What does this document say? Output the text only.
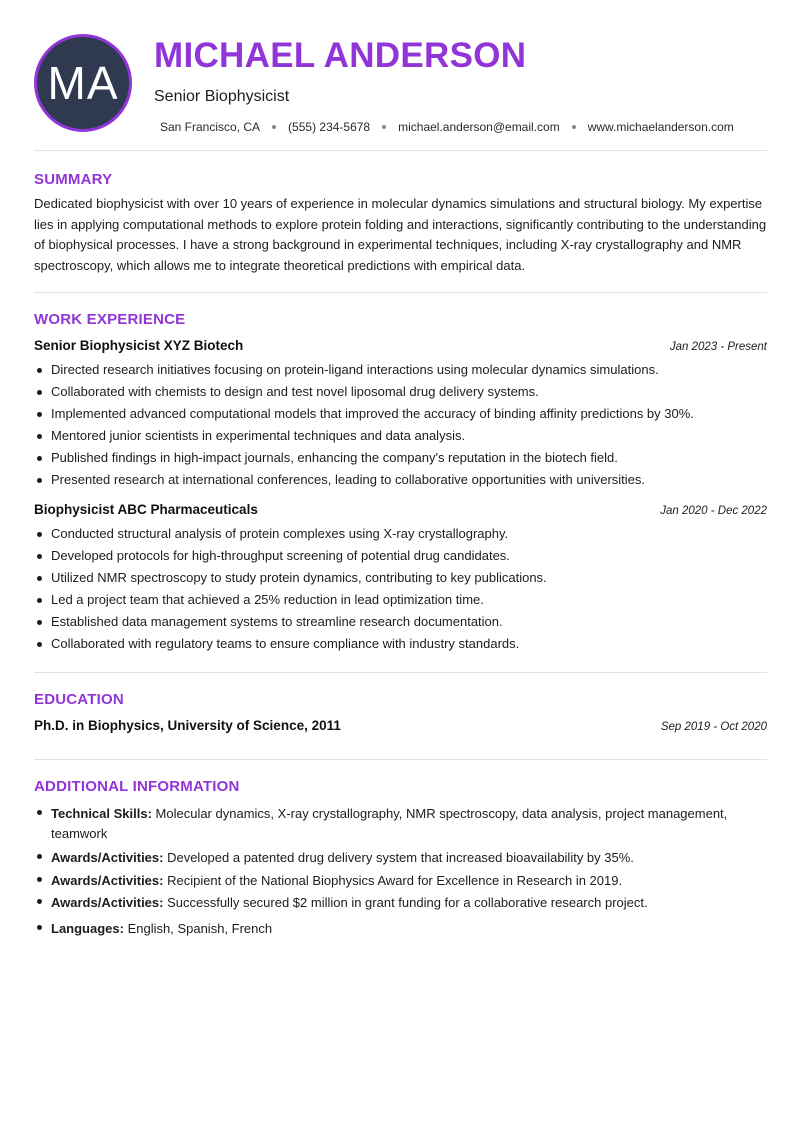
MA
MICHAEL ANDERSON
Senior Biophysicist
San Francisco, CA (555) 234-5678 michael.anderson@email.com www.michaelanderson.com
SUMMARY

Dedicated biophysicist with over 10 years of experience in molecular dynamics simulations and structural biology. My expertise lies in applying computational methods to explore protein folding and interactions, significantly contributing to the understanding of biophysical processes. I have a strong background in experimental techniques, including X-ray crystallography and NMR spectroscopy, which allows me to integrate theoretical predictions with empirical data.

WORK EXPERIENCE
Senior Biophysicist XYZ Biotech	Jan 2023 - Present
Directed research initiatives focusing on protein-ligand interactions using molecular dynamics simulations.
Collaborated with chemists to design and test novel liposomal drug delivery systems.
Implemented advanced computational models that improved the accuracy of binding affinity predictions by 30%.
Mentored junior scientists in experimental techniques and data analysis.
Published findings in high-impact journals, enhancing the company's reputation in the biotech field.
Presented research at international conferences, leading to collaborative opportunities with universities.
Biophysicist ABC Pharmaceuticals	Jan 2020 - Dec 2022
Conducted structural analysis of protein complexes using X-ray crystallography.
Developed protocols for high-throughput screening of potential drug candidates.
Utilized NMR spectroscopy to study protein dynamics, contributing to key publications.
Led a project team that achieved a 25% reduction in lead optimization time.
Established data management systems to streamline research documentation.
Collaborated with regulatory teams to ensure compliance with industry standards.
EDUCATION
Ph.D. in Biophysics, University of Science, 2011	Sep 2019 - Oct 2020
ADDITIONAL INFORMATION
Technical Skills: Molecular dynamics, X-ray crystallography, NMR spectroscopy, data analysis, project management, teamwork
Awards/Activities: Developed a patented drug delivery system that increased bioavailability by 35%.
Awards/Activities: Recipient of the National Biophysics Award for Excellence in Research in 2019.
Awards/Activities: Successfully secured $2 million in grant funding for a collaborative research project.
Languages: English, Spanish, French
